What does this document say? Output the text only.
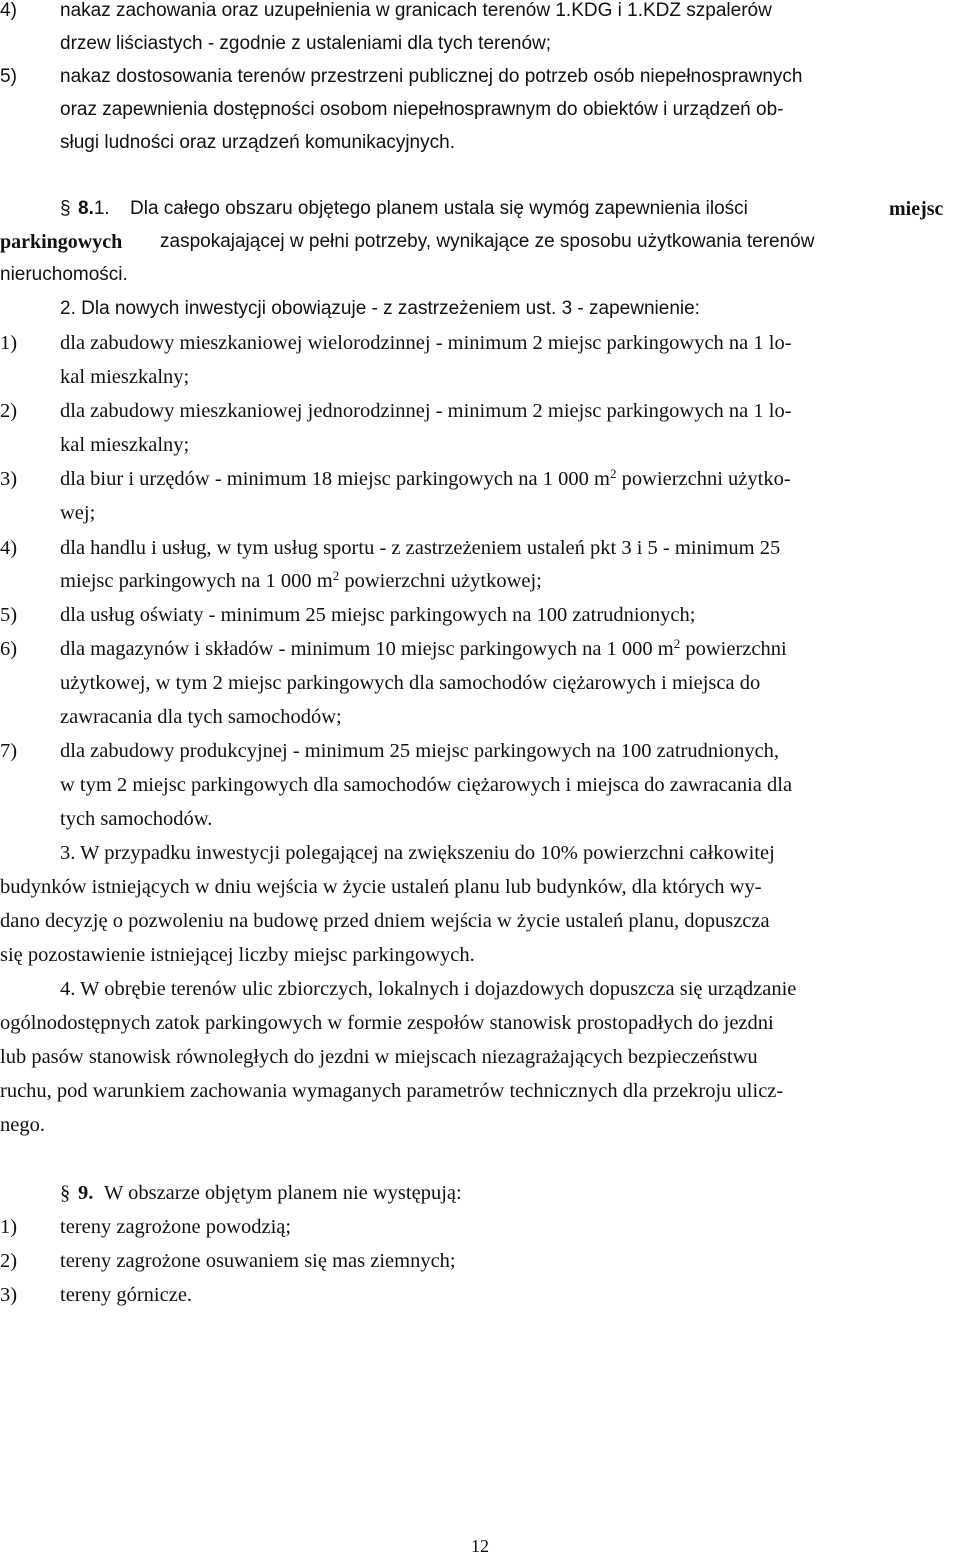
4) nakaz zachowania oraz uzupełnienia w granicach terenów 1.KDG i 1.KDZ szpalerów
drzew liściastych - zgodnie z ustaleniami dla tych terenów;
5) nakaz dostosowania terenów przestrzeni publicznej do potrzeb osób niepełnosprawnych
oraz zapewnienia dostępności osobom niepełnosprawnym do obiektów i urządzeń ob-
sługi ludności oraz urządzeń komunikacyjnych.
§ 8.1. Dla całego obszaru objętego planem ustala się wymóg zapewnienia ilości	miejsc
parkingowych zaspokajającej w pełni potrzeby, wynikające ze sposobu użytkowania terenów
nieruchomości.
2. Dla nowych inwestycji obowiązuje - z zastrzeżeniem ust. 3 - zapewnienie:
1) dla zabudowy mieszkaniowej wielorodzinnej - minimum 2 miejsc parkingowych na 1 lo-
kal mieszkalny;
2) dla zabudowy mieszkaniowej jednorodzinnej - minimum 2 miejsc parkingowych na 1 lo-
kal mieszkalny;
3) dla biur i urzędów - minimum 18 miejsc parkingowych na 1 000 $m^2$ powierzchni użytko-
wej;
4) dla handlu i usług, w tym usług sportu - z zastrzeżeniem ustaleń pkt 3 i 5 - minimum 25
miejsc parkingowych na 1 000 $m^2$ powierzchni użytkowej;
5) dla usług oświaty - minimum 25 miejsc parkingowych na 100 zatrudnionych;
6) dla magazynów i składów - minimum 10 miejsc parkingowych na 1 000 $m^2$ powierzchni
użytkowej, w tym 2 miejsc parkingowych dla samochodów ciężarowych i miejsca do
zawracania dla tych samochodów;
7) dla zabudowy produkcyjnej - minimum 25 miejsc parkingowych na 100 zatrudnionych,
w tym 2 miejsc parkingowych dla samochodów ciężarowych i miejsca do zawracania dla
tych samochodów.
3. W przypadku inwestycji polegającej na zwiększeniu do 10% powierzchni całkowitej
budynków istniejących w dniu wejścia w życie ustaleń planu lub budynków, dla których wy-
dano decyzję o pozwoleniu na budowę przed dniem wejścia w życie ustaleń planu, dopuszcza
się pozostawienie istniejącej liczby miejsc parkingowych.
4. W obrębie terenów ulic zbiorczych, lokalnych i dojazdowych dopuszcza się urządzanie
ogólnodostępnych zatok parkingowych w formie zespołów stanowisk prostopadłych do jezdni
lub pasów stanowisk równoległych do jezdni w miejscach niezagrażających bezpieczeństwu
ruchu, pod warunkiem zachowania wymaganych parametrów technicznych dla przekroju ulicz-
nego.
§ 9. W obszarze objętym planem nie występują:
1) tereny zagrożone powodzią;
2) tereny zagrożone osuwaniem się mas ziemnych;
3) tereny górnicze.
12
